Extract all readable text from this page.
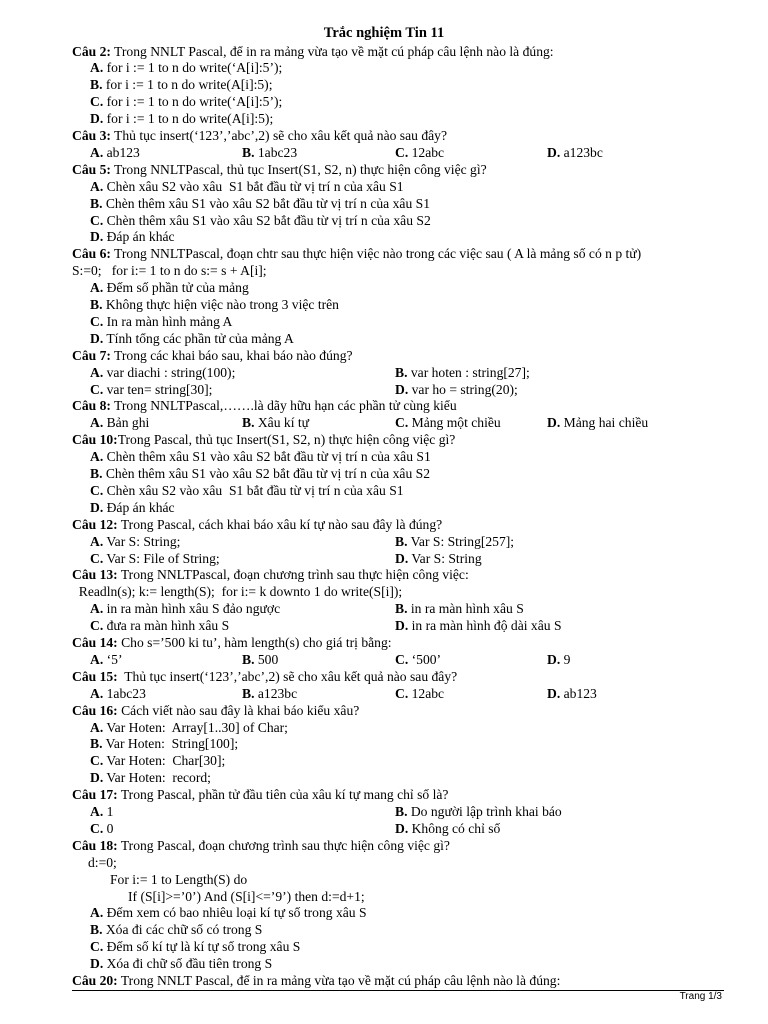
Trắc nghiệm Tin 11
Câu 2: Trong NNLT Pascal, để in ra mảng vừa tạo về mặt cú pháp câu lệnh nào là đúng:
A. for i := 1 to n do write(‘A[i]:5’);
B. for i := 1 to n do write(A[i]:5);
C. for i := 1 to n do write(‘A[i]:5’);
D. for i := 1 to n do write(A[i]:5);
Câu 3: Thủ tục insert(‘123’,’abc’,2) sẽ cho xâu kết quả nào sau đây?
A. ab123	B. 1abc23	C. 12abc	D. a123bc
Câu 5: Trong NNLTPascal, thủ tục Insert(S1, S2, n) thực hiện công việc gì?
A. Chèn xâu S2 vào xâu  S1 bắt đầu từ vị trí n của xâu S1
B. Chèn thêm xâu S1 vào xâu S2 bắt đầu từ vị trí n của xâu S1
C. Chèn thêm xâu S1 vào xâu S2 bắt đầu từ vị trí n của xâu S2
D. Đáp án khác
Câu 6: Trong NNLTPascal, đoạn chtr sau thực hiện việc nào trong các việc sau ( A là mảng số có n p tử)
S:=0;   for i:= 1 to n do s:= s + A[i];
A. Đếm số phần tử của mảng
B. Không thực hiện việc nào trong 3 việc trên
C. In ra màn hình mảng A
D. Tính tổng các phần tử của mảng A
Câu 7: Trong các khai báo sau, khai báo nào đúng?
A. var diachi : string(100);	B. var hoten : string[27];
C. var ten= string[30];	D. var ho = string(20);
Câu 8: Trong NNLTPascal,…….là dãy hữu hạn các phần tử cùng kiểu
A. Bản ghi	B. Xâu kí tự	C. Mảng một chiều	D. Mảng hai chiều
Câu 10:Trong Pascal, thủ tục Insert(S1, S2, n) thực hiện công việc gì?
A. Chèn thêm xâu S1 vào xâu S2 bắt đầu từ vị trí n của xâu S1
B. Chèn thêm xâu S1 vào xâu S2 bắt đầu từ vị trí n của xâu S2
C. Chèn xâu S2 vào xâu  S1 bắt đầu từ vị trí n của xâu S1
D. Đáp án khác
Câu 12: Trong Pascal, cách khai báo xâu kí tự nào sau đây là đúng?
A. Var S: String;	B. Var S: String[257];
C. Var S: File of String;	D. Var S: String
Câu 13: Trong NNLTPascal, đoạn chương trình sau thực hiện công việc:
Readln(s); k:= length(S);  for i:= k downto 1 do write(S[i]);
A. in ra màn hình xâu S đảo ngược	B. in ra màn hình xâu S
C. đưa ra màn hình xâu S	D. in ra màn hình độ dài xâu S
Câu 14: Cho s=’500 ki tu’, hàm length(s) cho giá trị bằng:
A. ‘5’	B. 500	C. ‘500’	D. 9
Câu 15:  Thủ tục insert(‘123’,’abc’,2) sẽ cho xâu kết quả nào sau đây?
A. 1abc23	B. a123bc	C. 12abc	D. ab123
Câu 16: Cách viết nào sau đây là khai báo kiểu xâu?
A. Var Hoten:  Array[1..30] of Char;
B. Var Hoten:  String[100];
C. Var Hoten:  Char[30];
D. Var Hoten:  record;
Câu 17: Trong Pascal, phần tử đầu tiên của xâu kí tự mang chỉ số là?
A. 1	B. Do người lập trình khai báo
C. 0	D. Không có chỉ số
Câu 18: Trong Pascal, đoạn chương trình sau thực hiện công việc gì?
d:=0;
For i:= 1 to Length(S) do
If (S[i]>=’0’) And (S[i]<=’9’) then d:=d+1;
A. Đếm xem có bao nhiêu loại kí tự số trong xâu S
B. Xóa đi các chữ số có trong S
C. Đếm số kí tự là kí tự số trong xâu S
D. Xóa đi chữ số đầu tiên trong S
Câu 20: Trong NNLT Pascal, để in ra mảng vừa tạo về mặt cú pháp câu lệnh nào là đúng:
Trang 1/3
